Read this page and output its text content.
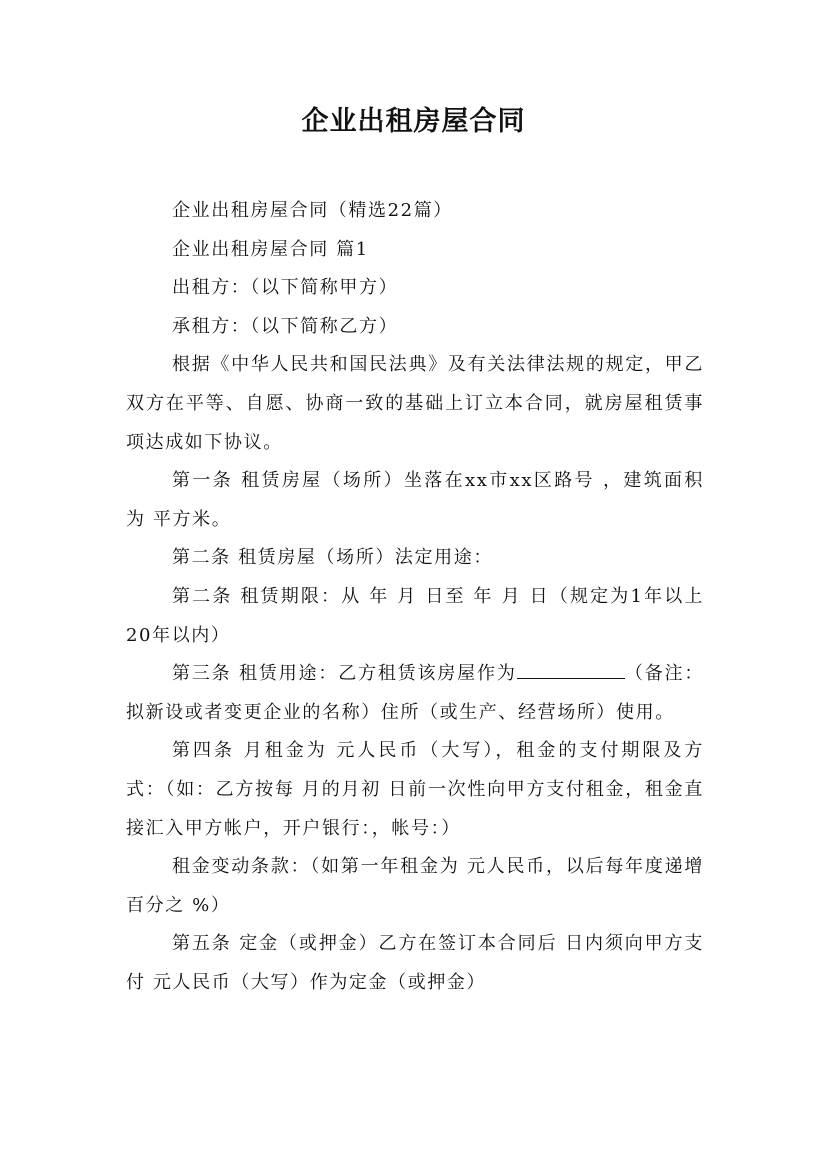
企业出租房屋合同

企业出租房屋合同（精选22篇）

企业出租房屋合同 篇1

出租方：（以下简称甲方）

承租方：（以下简称乙方）

根据《中华人民共和国民法典》及有关法律法规的规定，甲乙双方在平等、自愿、协商一致的基础上订立本合同，就房屋租赁事项达成如下协议。

第一条 租赁房屋（场所）坐落在xx市xx区路号 ，建筑面积为 平方米。

第二条 租赁房屋（场所）法定用途：

第二条 租赁期限：从 年 月 日至 年 月 日（规定为1年以上20年以内）

第三条 租赁用途：乙方租赁该房屋作为	（备注：拟新设或者变更企业的名称）住所（或生产、经营场所）使用。

第四条 月租金为 元人民币（大写），租金的支付期限及方式：（如：乙方按每 月的月初 日前一次性向甲方支付租金，租金直接汇入甲方帐户，开户银行：，帐号：）

租金变动条款：（如第一年租金为 元人民币，以后每年度递增百分之 %）

第五条 定金（或押金）乙方在签订本合同后 日内须向甲方支付 元人民币（大写）作为定金（或押金）
